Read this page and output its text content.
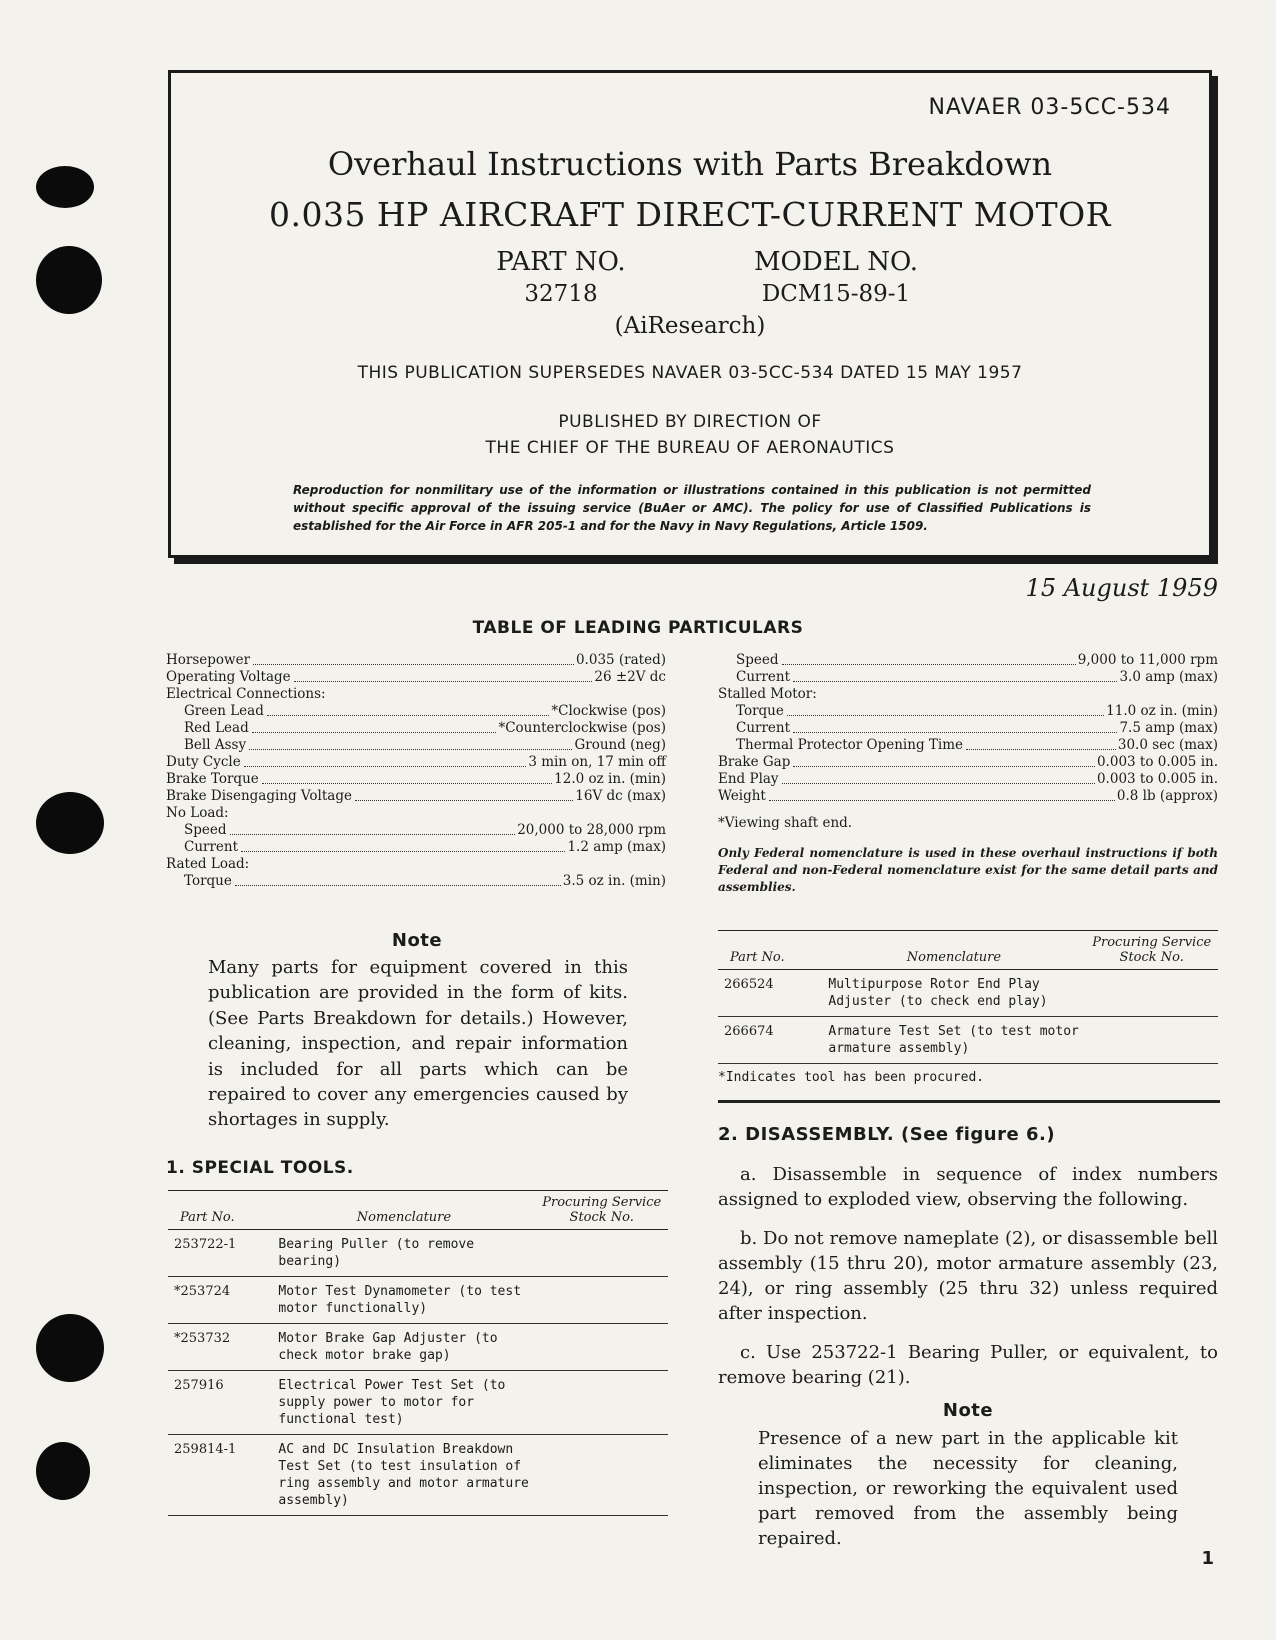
NAVAER 03-5CC-534
Overhaul Instructions with Parts Breakdown
0.035 HP AIRCRAFT DIRECT-CURRENT MOTOR
PART NO.
32718
MODEL NO.
DCM15-89-1
(AiResearch)
THIS PUBLICATION SUPERSEDES NAVAER 03-5CC-534 DATED 15 MAY 1957
PUBLISHED BY DIRECTION OF
THE CHIEF OF THE BUREAU OF AERONAUTICS
Reproduction for nonmilitary use of the information or illustrations contained in this publication is not permitted without specific approval of the issuing service (BuAer or AMC). The policy for use of Classified Publications is established for the Air Force in AFR 205-1 and for the Navy in Navy Regulations, Article 1509.
15 August 1959
TABLE OF LEADING PARTICULARS
Horsepower	0.035 (rated)
Operating Voltage	26 ±2V dc
Electrical Connections:
Green Lead	*Clockwise (pos)
Red Lead	*Counterclockwise (pos)
Bell Assy	Ground (neg)
Duty Cycle	3 min on, 17 min off
Brake Torque	12.0 oz in. (min)
Brake Disengaging Voltage	16V dc (max)
No Load:
Speed	20,000 to 28,000 rpm
Current	1.2 amp (max)
Rated Load:
Torque	3.5 oz in. (min)
Speed	9,000 to 11,000 rpm
Current	3.0 amp (max)
Stalled Motor:
Torque	11.0 oz in. (min)
Current	7.5 amp (max)
Thermal Protector Opening Time	30.0 sec (max)
Brake Gap	0.003 to 0.005 in.
End Play	0.003 to 0.005 in.
Weight	0.8 lb (approx)
*Viewing shaft end.
Only Federal nomenclature is used in these overhaul instructions if both Federal and non-Federal nomenclature exist for the same detail parts and assemblies.
Note
Many parts for equipment covered in this publication are provided in the form of kits. (See Parts Breakdown for details.) However, cleaning, inspection, and repair information is included for all parts which can be repaired to cover any emergencies caused by shortages in supply.
1. SPECIAL TOOLS.
Part No.	Nomenclature	Procuring Service Stock No.
253722-1	Bearing Puller (to remove bearing)	
*253724	Motor Test Dynamometer (to test motor functionally)	
*253732	Motor Brake Gap Adjuster (to check motor brake gap)	
257916	Electrical Power Test Set (to supply power to motor for functional test)	
259814-1	AC and DC Insulation Breakdown Test Set (to test insulation of ring assembly and motor armature assembly)	
Part No.	Nomenclature	Procuring Service Stock No.
266524	Multipurpose Rotor End Play Adjuster (to check end play)	
266674	Armature Test Set (to test motor armature assembly)	
*Indicates tool has been procured.
2. DISASSEMBLY. (See figure 6.)
a. Disassemble in sequence of index numbers assigned to exploded view, observing the following.
b. Do not remove nameplate (2), or disassemble bell assembly (15 thru 20), motor armature assembly (23, 24), or ring assembly (25 thru 32) unless required after inspection.
c. Use 253722-1 Bearing Puller, or equivalent, to remove bearing (21).
Note
Presence of a new part in the applicable kit eliminates the necessity for cleaning, inspection, or reworking the equivalent used part removed from the assembly being repaired.
1
